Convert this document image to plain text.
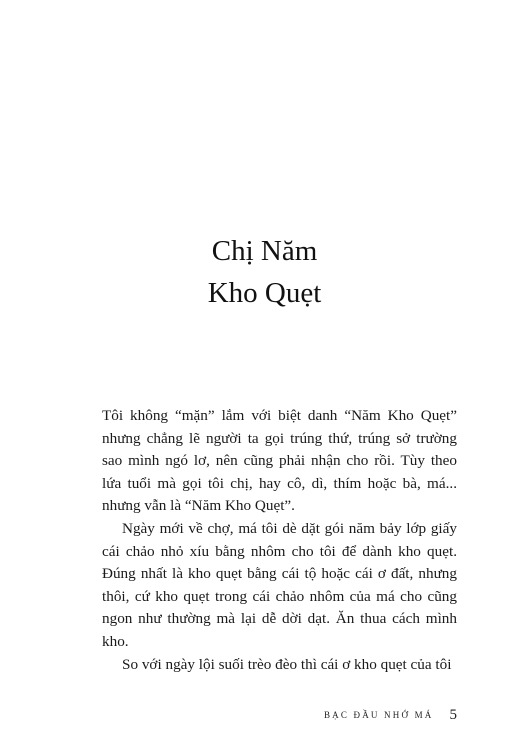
Chị Năm
Kho Quẹt

Tôi không “mặn” lắm với biệt danh “Năm Kho Quẹt” nhưng chẳng lẽ người ta gọi trúng thứ, trúng sở trường sao mình ngó lơ, nên cũng phải nhận cho rồi. Tùy theo lứa tuổi mà gọi tôi chị, hay cô, dì, thím hoặc bà, má... nhưng vẫn là “Năm Kho Quẹt”.

Ngày mới về chợ, má tôi dè dặt gói năm bảy lớp giấy cái chảo nhỏ xíu bằng nhôm cho tôi để dành kho quẹt. Đúng nhất là kho quẹt bằng cái tộ hoặc cái ơ đất, nhưng thôi, cứ kho quẹt trong cái chảo nhôm của má cho cũng ngon như thường mà lại dễ dời dạt. Ăn thua cách mình kho.

So với ngày lội suối trèo đèo thì cái ơ kho quẹt của tôi

BẠC ĐẦU NHỚ MÁ 5
